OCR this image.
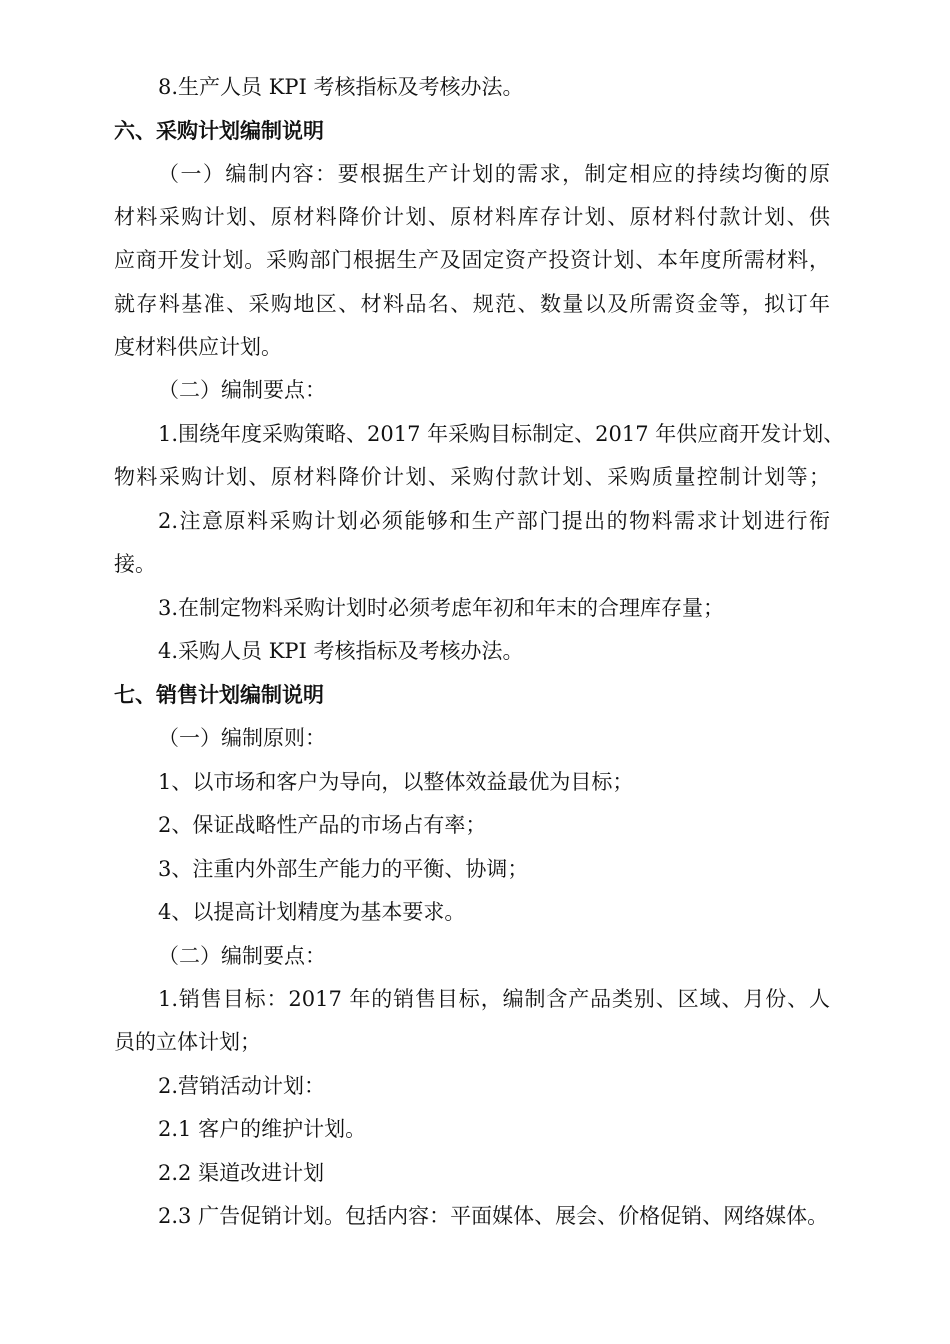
8.生产人员 KPI 考核指标及考核办法。
六、采购计划编制说明
（一）编制内容：要根据生产计划的需求，制定相应的持续均衡的原
材料采购计划、原材料降价计划、原材料库存计划、原材料付款计划、供
应商开发计划。采购部门根据生产及固定资产投资计划、本年度所需材料，
就存料基准、采购地区、材料品名、规范、数量以及所需资金等，拟订年
度材料供应计划。
（二）编制要点：
1.围绕年度采购策略、2017 年采购目标制定、2017 年供应商开发计划、
物料采购计划、原材料降价计划、采购付款计划、采购质量控制计划等；
2.注意原料采购计划必须能够和生产部门提出的物料需求计划进行衔
接。
3.在制定物料采购计划时必须考虑年初和年末的合理库存量；
4.采购人员 KPI 考核指标及考核办法。
七、销售计划编制说明
（一）编制原则：
1、以市场和客户为导向，以整体效益最优为目标；
2、保证战略性产品的市场占有率；
3、注重内外部生产能力的平衡、协调；
4、以提高计划精度为基本要求。
（二）编制要点：
1.销售目标：2017 年的销售目标，编制含产品类别、区域、月份、人
员的立体计划；
2.营销活动计划：
2.1 客户的维护计划。
2.2 渠道改进计划
2.3 广告促销计划。包括内容：平面媒体、展会、价格促销、网络媒体。
